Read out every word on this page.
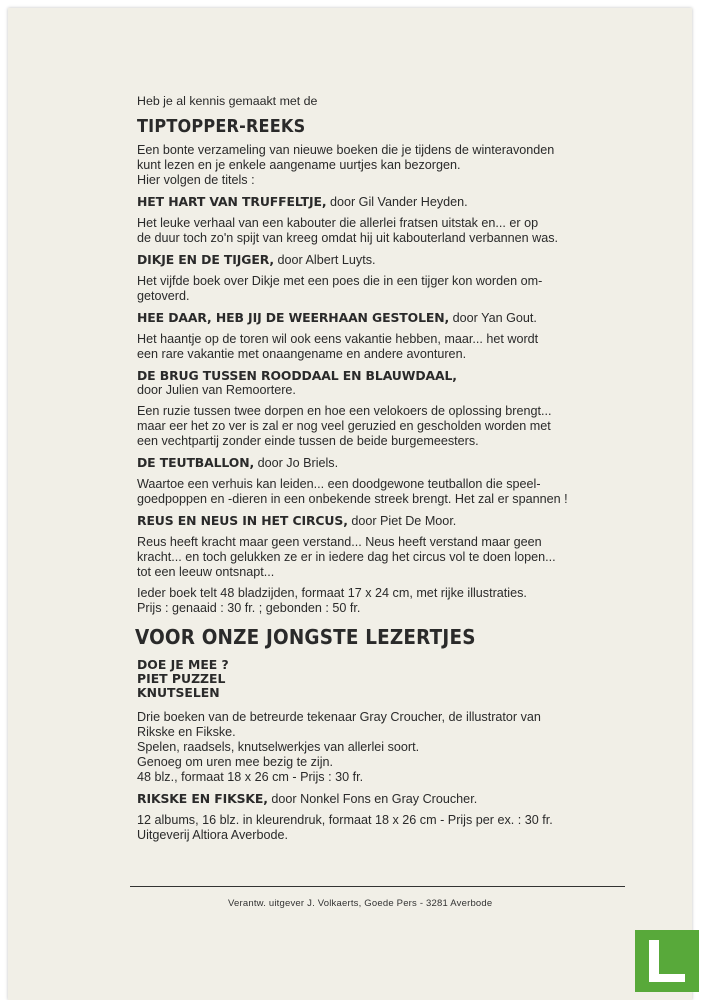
Heb je al kennis gemaakt met de
TIPTOPPER-REEKS
Een bonte verzameling van nieuwe boeken die je tijdens de winteravonden
kunt lezen en je enkele aangename uurtjes kan bezorgen.
Hier volgen de titels :
HET HART VAN TRUFFELTJE, door Gil Vander Heyden.
Het leuke verhaal van een kabouter die allerlei fratsen uitstak en... er op
de duur toch zo'n spijt van kreeg omdat hij uit kabouterland verbannen was.
DIKJE EN DE TIJGER, door Albert Luyts.
Het vijfde boek over Dikje met een poes die in een tijger kon worden om-
getoverd.
HEE DAAR, HEB JIJ DE WEERHAAN GESTOLEN, door Yan Gout.
Het haantje op de toren wil ook eens vakantie hebben, maar... het wordt
een rare vakantie met onaangename en andere avonturen.
DE BRUG TUSSEN ROODDAAL EN BLAUWDAAL,
door Julien van Remoortere.
Een ruzie tussen twee dorpen en hoe een velokoers de oplossing brengt...
maar eer het zo ver is zal er nog veel geruzied en gescholden worden met
een vechtpartij zonder einde tussen de beide burgemeesters.
DE TEUTBALLON, door Jo Briels.
Waartoe een verhuis kan leiden... een doodgewone teutballon die speel-
goedpoppen en -dieren in een onbekende streek brengt. Het zal er spannen !
REUS EN NEUS IN HET CIRCUS, door Piet De Moor.
Reus heeft kracht maar geen verstand... Neus heeft verstand maar geen
kracht... en toch gelukken ze er in iedere dag het circus vol te doen lopen...
tot een leeuw ontsnapt...
Ieder boek telt 48 bladzijden, formaat 17 x 24 cm, met rijke illustraties.
Prijs : genaaid : 30 fr. ; gebonden : 50 fr.
VOOR ONZE JONGSTE LEZERTJES
DOE JE MEE ?
PIET PUZZEL
KNUTSELEN
Drie boeken van de betreurde tekenaar Gray Croucher, de illustrator van
Rikske en Fikske.
Spelen, raadsels, knutselwerkjes van allerlei soort.
Genoeg om uren mee bezig te zijn.
48 blz., formaat 18 x 26 cm - Prijs : 30 fr.
RIKSKE EN FIKSKE, door Nonkel Fons en Gray Croucher.
12 albums, 16 blz. in kleurendruk, formaat 18 x 26 cm - Prijs per ex. : 30 fr.
Uitgeverij Altiora Averbode.
Verantw. uitgever J. Volkaerts, Goede Pers - 3281 Averbode
